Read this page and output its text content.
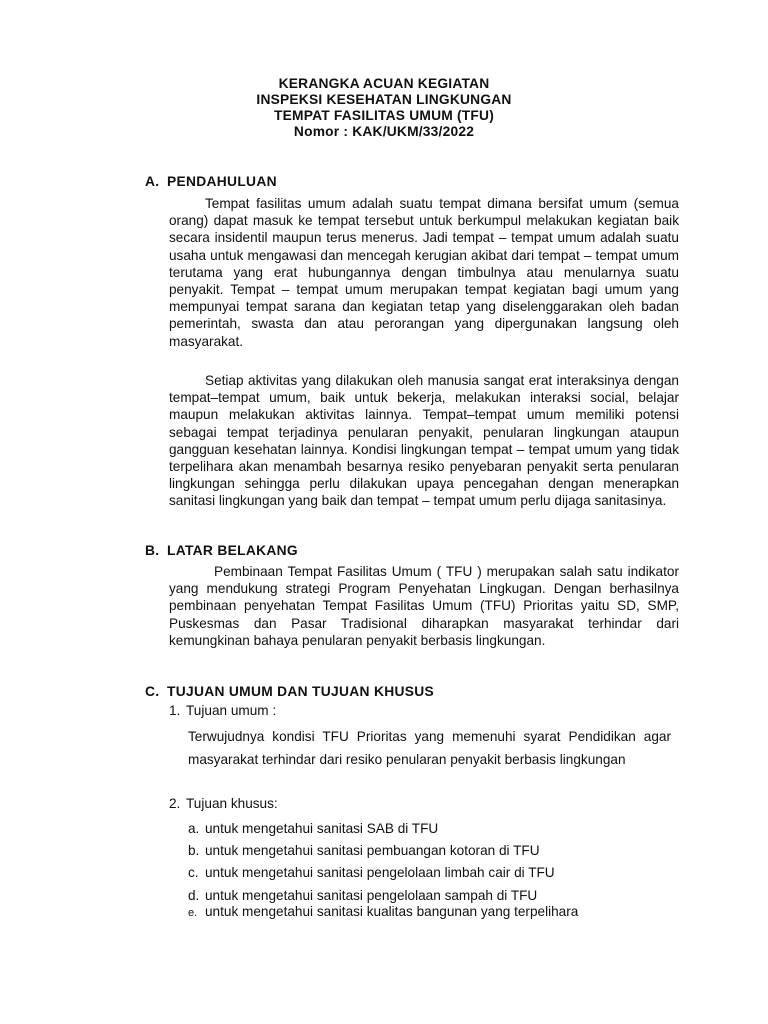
KERANGKA ACUAN KEGIATAN
INSPEKSI KESEHATAN LINGKUNGAN
TEMPAT FASILITAS UMUM (TFU)
Nomor : KAK/UKM/33/2022
A. PENDAHULUAN
Tempat fasilitas umum adalah suatu tempat dimana bersifat umum (semua orang) dapat masuk ke tempat tersebut untuk berkumpul melakukan kegiatan baik secara insidentil maupun terus menerus. Jadi tempat – tempat umum adalah suatu usaha untuk mengawasi dan mencegah kerugian akibat dari tempat – tempat umum terutama yang erat hubungannya dengan timbulnya atau menularnya suatu penyakit. Tempat – tempat umum merupakan tempat kegiatan bagi umum yang mempunyai tempat sarana dan kegiatan tetap yang diselenggarakan oleh badan pemerintah, swasta dan atau perorangan yang dipergunakan langsung oleh masyarakat.
Setiap aktivitas yang dilakukan oleh manusia sangat erat interaksinya dengan tempat–tempat umum, baik untuk bekerja, melakukan interaksi social, belajar maupun melakukan aktivitas lainnya. Tempat–tempat umum memiliki potensi sebagai tempat terjadinya penularan penyakit, penularan lingkungan ataupun gangguan kesehatan lainnya. Kondisi lingkungan tempat – tempat umum yang tidak terpelihara akan menambah besarnya resiko penyebaran penyakit serta penularan lingkungan sehingga perlu dilakukan upaya pencegahan dengan menerapkan sanitasi lingkungan yang baik dan tempat – tempat umum perlu dijaga sanitasinya.
B. LATAR BELAKANG
Pembinaan Tempat Fasilitas Umum ( TFU ) merupakan salah satu indikator yang mendukung strategi Program Penyehatan Lingkugan. Dengan berhasilnya pembinaan penyehatan Tempat Fasilitas Umum (TFU) Prioritas yaitu SD, SMP, Puskesmas dan Pasar Tradisional diharapkan masyarakat terhindar dari kemungkinan bahaya penularan penyakit berbasis lingkungan.
C. TUJUAN UMUM DAN TUJUAN KHUSUS
1. Tujuan umum :
Terwujudnya kondisi TFU Prioritas yang memenuhi syarat Pendidikan agar masyarakat terhindar dari resiko penularan penyakit berbasis lingkungan
2. Tujuan khusus:
a. untuk mengetahui sanitasi SAB di TFU
b. untuk mengetahui sanitasi pembuangan kotoran di TFU
c. untuk mengetahui sanitasi pengelolaan limbah cair di TFU
d. untuk mengetahui sanitasi pengelolaan sampah di TFU
e. untuk mengetahui sanitasi kualitas bangunan yang terpelihara
